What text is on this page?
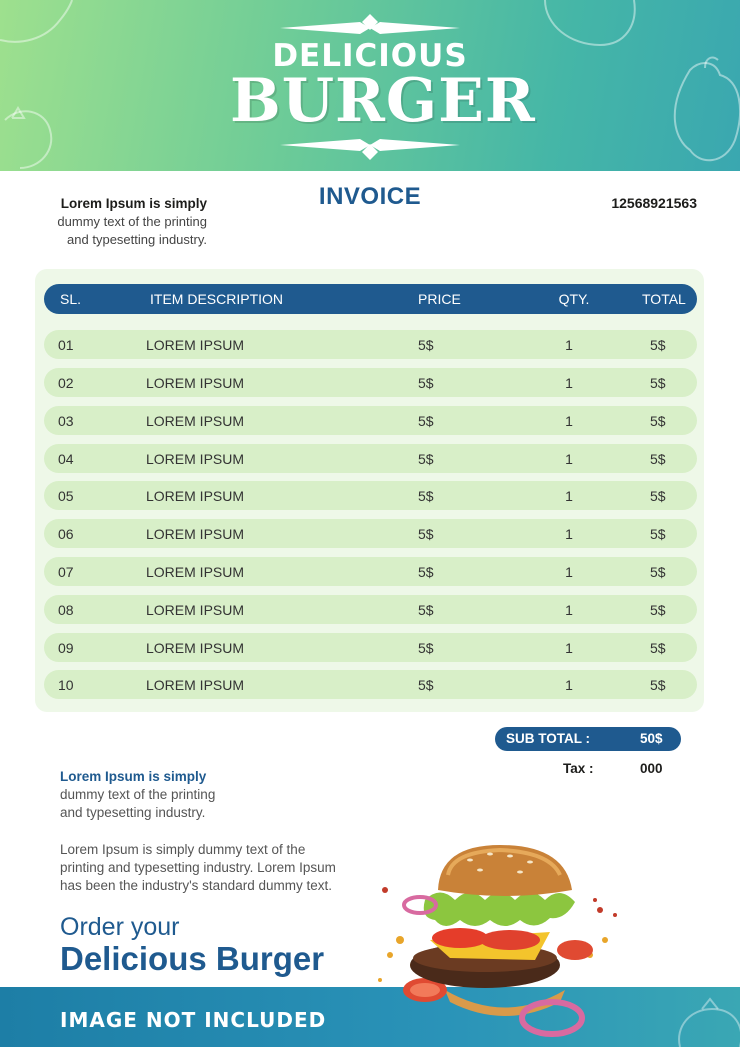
DELICIOUS
BURGER
Lorem Ipsum is simply
dummy text of the printing
and typesetting industry.
INVOICE	12568921563
SL.	ITEM DESCRIPTION	PRICE	QTY.	TOTAL
01	LOREM IPSUM	5$	1	5$
02	LOREM IPSUM	5$	1	5$
03	LOREM IPSUM	5$	1	5$
04	LOREM IPSUM	5$	1	5$
05	LOREM IPSUM	5$	1	5$
06	LOREM IPSUM	5$	1	5$
07	LOREM IPSUM	5$	1	5$
08	LOREM IPSUM	5$	1	5$
09	LOREM IPSUM	5$	1	5$
10	LOREM IPSUM	5$	1	5$
SUB TOTAL :	50$
Tax :	000
Lorem Ipsum is simply
dummy text of the printing
and typesetting industry.
Lorem Ipsum is simply dummy text of the
printing and typesetting industry. Lorem Ipsum
has been the industry's standard dummy text.
Order your
Delicious Burger
IMAGE NOT INCLUDED
